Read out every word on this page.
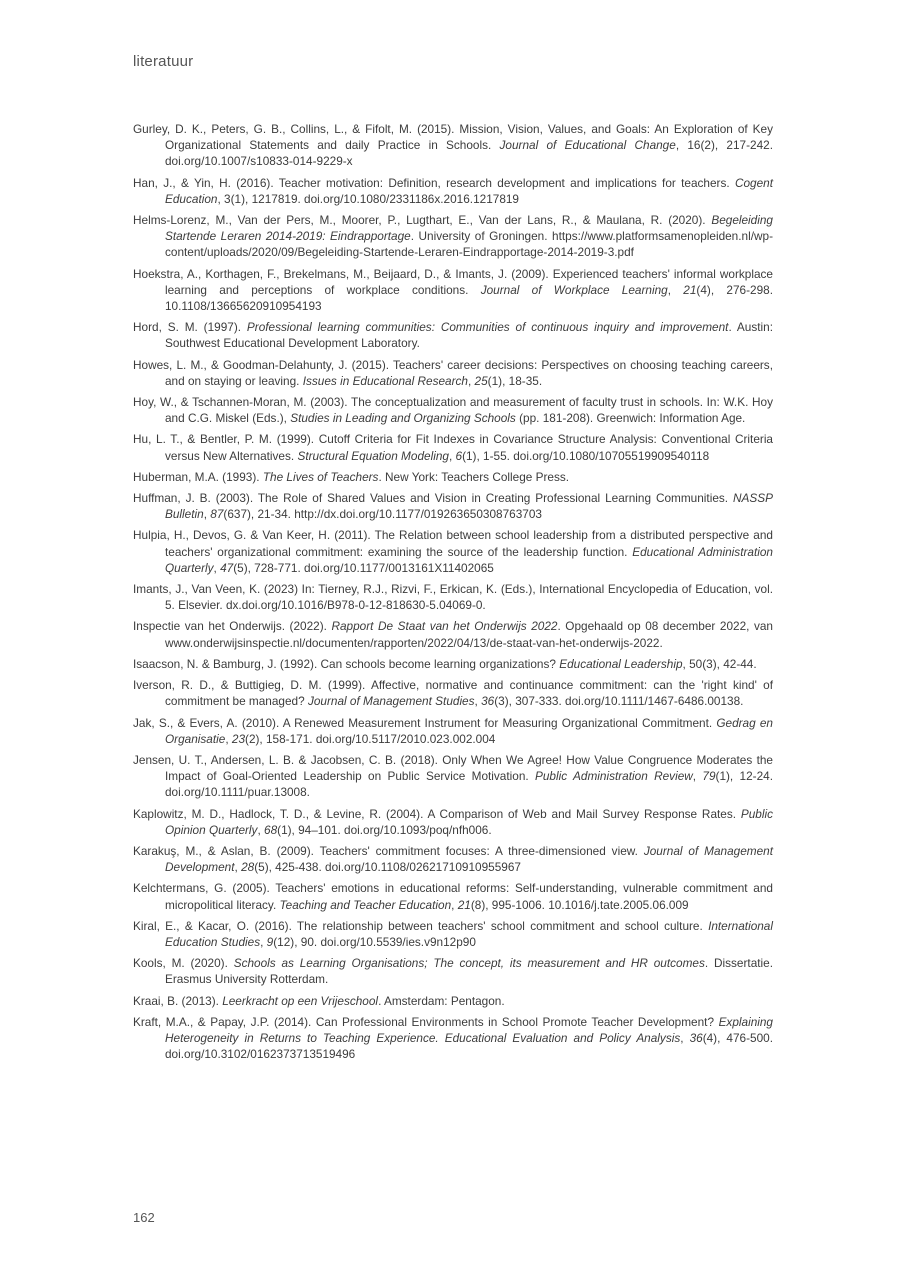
literatuur

Gurley, D. K., Peters, G. B., Collins, L., & Fifolt, M. (2015). Mission, Vision, Values, and Goals: An Exploration of Key Organizational Statements and daily Practice in Schools. Journal of Educational Change, 16(2), 217-242. doi.org/10.1007/s10833-014-9229-x

Han, J., & Yin, H. (2016). Teacher motivation: Definition, research development and implications for teachers. Cogent Education, 3(1), 1217819. doi.org/10.1080/2331186x.2016.1217819

Helms-Lorenz, M., Van der Pers, M., Moorer, P., Lugthart, E., Van der Lans, R., & Maulana, R. (2020). Begeleiding Startende Leraren 2014-2019: Eindrapportage. University of Groningen. https://www.platformsamenopleiden.nl/wp-content/uploads/2020/09/Begeleiding-Startende-Leraren-Eindrapportage-2014-2019-3.pdf

Hoekstra, A., Korthagen, F., Brekelmans, M., Beijaard, D., & Imants, J. (2009). Experienced teachers' informal workplace learning and perceptions of workplace conditions. Journal of Workplace Learning, 21(4), 276-298. 10.1108/13665620910954193

Hord, S. M. (1997). Professional learning communities: Communities of continuous inquiry and improvement. Austin: Southwest Educational Development Laboratory.

Howes, L. M., & Goodman-Delahunty, J. (2015). Teachers' career decisions: Perspectives on choosing teaching careers, and on staying or leaving. Issues in Educational Research, 25(1), 18-35.

Hoy, W., & Tschannen-Moran, M. (2003). The conceptualization and measurement of faculty trust in schools. In: W.K. Hoy and C.G. Miskel (Eds.), Studies in Leading and Organizing Schools (pp. 181-208). Greenwich: Information Age.

Hu, L. T., & Bentler, P. M. (1999). Cutoff Criteria for Fit Indexes in Covariance Structure Analysis: Conventional Criteria versus New Alternatives. Structural Equation Modeling, 6(1), 1-55. doi.org/10.1080/10705519909540118

Huberman, M.A. (1993). The Lives of Teachers. New York: Teachers College Press.

Huffman, J. B. (2003). The Role of Shared Values and Vision in Creating Professional Learning Communities. NASSP Bulletin, 87(637), 21-34. http://dx.doi.org/10.1177/019263650308763703

Hulpia, H., Devos, G. & Van Keer, H. (2011). The Relation between school leadership from a distributed perspective and teachers' organizational commitment: examining the source of the leadership function. Educational Administration Quarterly, 47(5), 728-771. doi.org/10.1177/0013161X11402065

Imants, J., Van Veen, K. (2023) In: Tierney, R.J., Rizvi, F., Erkican, K. (Eds.), International Encyclopedia of Education, vol. 5. Elsevier. dx.doi.org/10.1016/B978-0-12-818630-5.04069-0.

Inspectie van het Onderwijs. (2022). Rapport De Staat van het Onderwijs 2022. Opgehaald op 08 december 2022, van www.onderwijsinspectie.nl/documenten/rapporten/2022/04/13/de-staat-van-het-onderwijs-2022.

Isaacson, N. & Bamburg, J. (1992). Can schools become learning organizations? Educational Leadership, 50(3), 42-44.

Iverson, R. D., & Buttigieg, D. M. (1999). Affective, normative and continuance commitment: can the 'right kind' of commitment be managed? Journal of Management Studies, 36(3), 307-333. doi.org/10.1111/1467-6486.00138.

Jak, S., & Evers, A. (2010). A Renewed Measurement Instrument for Measuring Organizational Commitment. Gedrag en Organisatie, 23(2), 158-171. doi.org/10.5117/2010.023.002.004

Jensen, U. T., Andersen, L. B. & Jacobsen, C. B. (2018). Only When We Agree! How Value Congruence Moderates the Impact of Goal-Oriented Leadership on Public Service Motivation. Public Administration Review, 79(1), 12-24. doi.org/10.1111/puar.13008.

Kaplowitz, M. D., Hadlock, T. D., & Levine, R. (2004). A Comparison of Web and Mail Survey Response Rates. Public Opinion Quarterly, 68(1), 94–101. doi.org/10.1093/poq/nfh006.

Karakuş, M., & Aslan, B. (2009). Teachers' commitment focuses: A three-dimensioned view. Journal of Management Development, 28(5), 425-438. doi.org/10.1108/02621710910955967

Kelchtermans, G. (2005). Teachers' emotions in educational reforms: Self-understanding, vulnerable commitment and micropolitical literacy. Teaching and Teacher Education, 21(8), 995-1006. 10.1016/j.tate.2005.06.009

Kiral, E., & Kacar, O. (2016). The relationship between teachers' school commitment and school culture. International Education Studies, 9(12), 90. doi.org/10.5539/ies.v9n12p90

Kools, M. (2020). Schools as Learning Organisations; The concept, its measurement and HR outcomes. Dissertatie. Erasmus University Rotterdam.

Kraai, B. (2013). Leerkracht op een Vrijeschool. Amsterdam: Pentagon.

Kraft, M.A., & Papay, J.P. (2014). Can Professional Environments in School Promote Teacher Development? Explaining Heterogeneity in Returns to Teaching Experience. Educational Evaluation and Policy Analysis, 36(4), 476-500. doi.org/10.3102/0162373713519496

162
